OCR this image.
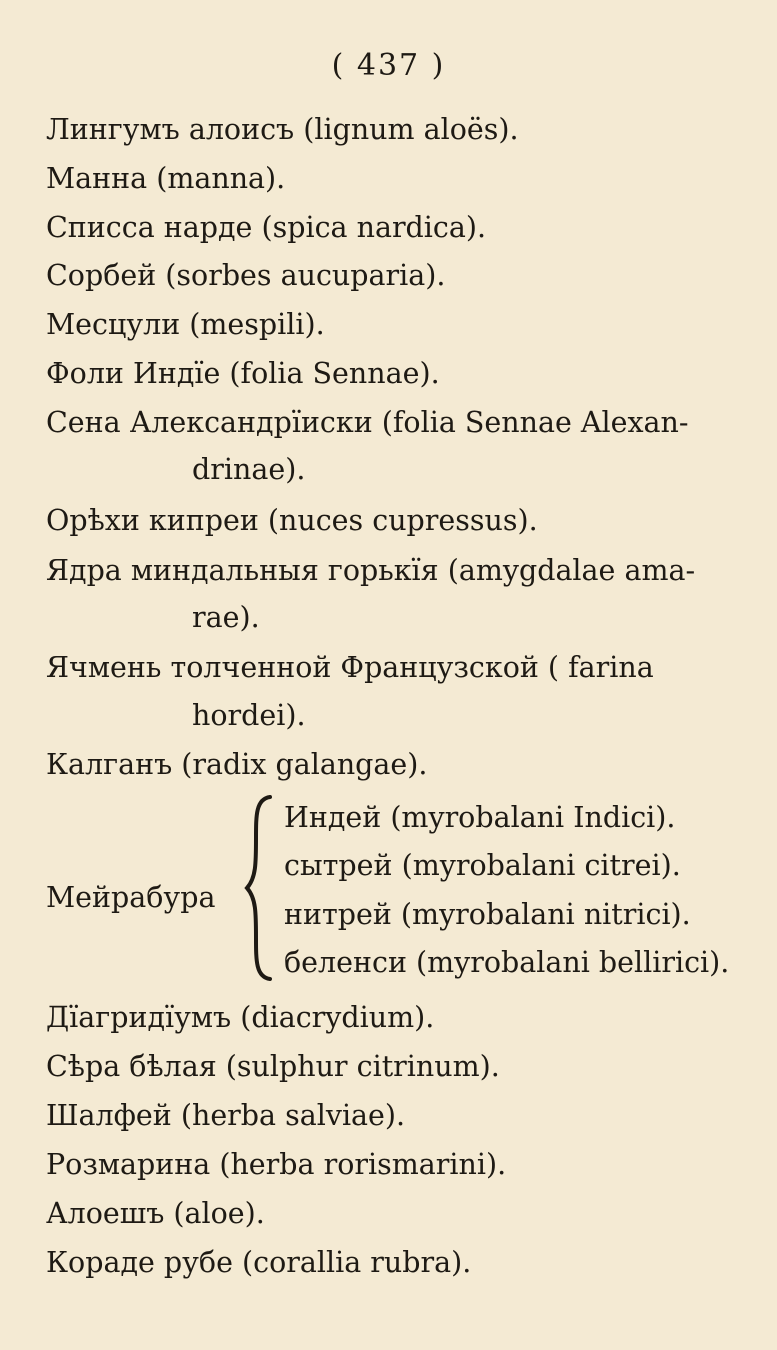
( 437 )
Лингумъ алоисъ (lignum aloës).
Манна (manna).
Списса нарде (spica nardica).
Сорбей (sorbes aucuparia).
Месцули (mespili).
Фоли Индїе (folia Sennae).
Сена Александрїиски (folia Sennae Alexan-
drinae).
Орѣхи кипреи (nuces cupressus).
Ядра миндальныя горькїя (amygdalae ama-
rae).
Ячмень толченной Французской ( farina
hordei).
Калганъ (radix galangae).
Мейрабура
Индей (myrobalani Indici).
сытрей (myrobalani citrei).
нитрей (myrobalani nitrici).
беленси (myrobalani bellirici).
Дїагридїумъ (diacrydium).
Сѣра бѣлая (sulphur citrinum).
Шалфей (herba salviae).
Розмарина (herba rorismarini).
Алоешъ (aloe).
Кораде рубе (corallia rubra).
